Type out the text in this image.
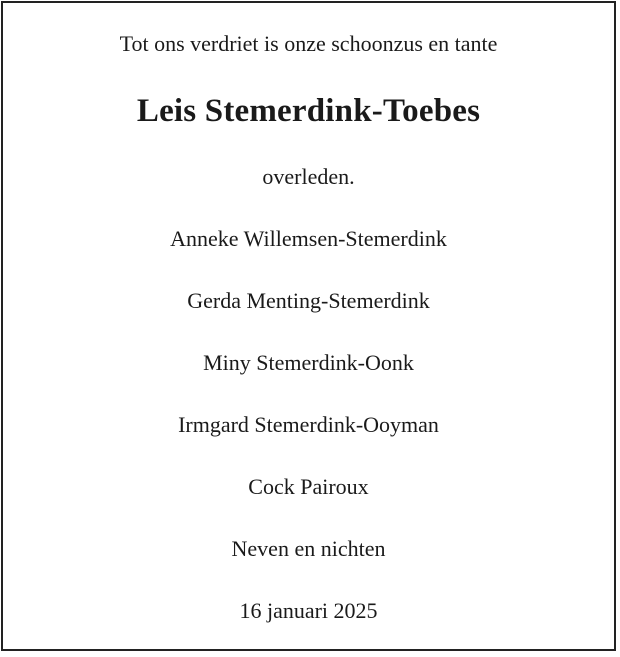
Tot ons verdriet is onze schoonzus en tante
Leis Stemerdink-Toebes
overleden.
Anneke Willemsen-Stemerdink
Gerda Menting-Stemerdink
Miny Stemerdink-Oonk
Irmgard Stemerdink-Ooyman
Cock Pairoux
Neven en nichten
16 januari 2025
